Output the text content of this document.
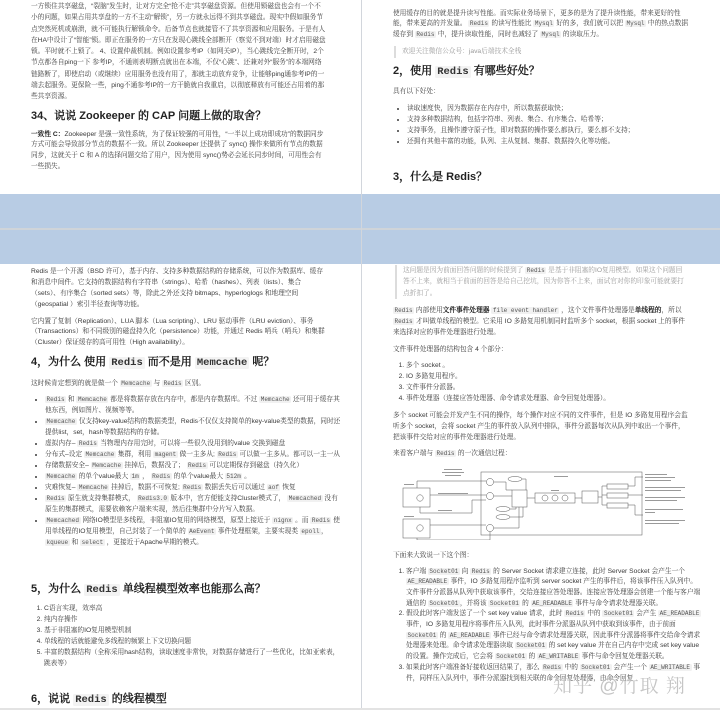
一方锁住共享磁盘，“裂脑”发生时，让对方完全“抢不走”共享磁盘资源。但使用锁磁盘也会有一个不小的问题，如果占用共享盘的一方不主动“解锁”，另一方就永远得不到共享磁盘。现实中假如服务节点突然死机或崩溃，就不可能执行解锁命令。后备节点也就接管不了共享资源和应用服务。于是有人在HA中设计了“智能”锁。即正在服务的一方只在发现心跳线全部断开（察觉不到对端）时才启用磁盘锁。平时就不上锁了。 4、设置仲裁机制。例如设置参考IP（如网关IP），当心跳线完全断开时，2个节点都各自ping一下 参考IP，不通则表明断点就出在本端，不仅“心跳”、还兼对外“服务”的本端网络链路断了，即使启动（或继续）应用服务也没有用了，那就主动放弃竞争，让能够ping通参考IP的一端去起服务。更保险一些，ping不通参考IP的一方干脆就自我重启，以彻底释放有可能还占用着的那些共享资源。

34、说说 Zookeeper 的 CAP 问题上做的取舍？

一致性 C：Zookeeper 是强一致性系统，为了保证较强的可用性，“一半以上成功即成功”的数据同步方式可能会导致部分节点的数据不一致。所以 Zookeeper 还提供了 sync() 操作来做所有节点的数据同步，这就关于 C 和 A 的选择问题交给了用户，因为使用 sync()势必会延长同步时间，可用性会有一些损失。

使用缓存的目的就是提升读写性能。而实际业务场景下，更多的是为了提升读性能，带来更好的性能，带来更高的并发量。 Redis 的读写性能比 Mysql 好的多，我们就可以把 Mysql 中的热点数据缓存到 Redis 中，提升读取性能，同时也减轻了 Mysql 的读取压力。

欢迎关注微信公众号：java后端技术全栈
2，使用 Redis 有哪些好处？

具有以下好处：

• 读取速度快，因为数据存在内存中，所以数据获取快；
• 支持多种数据结构，包括字符串、列表、集合、有序集合、哈希等；
• 支持事务，且操作遵守原子性，即对数据的操作要么都执行，要么都不支持；
• 还拥有其他丰富的功能，队列、主从复制、集群、数据持久化等功能。
3，什么是 Redis？

Redis 是一个开源（BSD 许可），基于内存、支持多种数据结构的存储系统，可以作为数据库、缓存和消息中间件。它支持的数据结构有字符串（strings）、哈希（hashes）、列表（lists）、集合（sets）、有序集合（sorted sets）等，除此之外还支持 bitmaps、hyperloglogs 和地理空间（geospatial ）索引半径查询等功能。

它内置了复制（Replication）、LUA 脚本（Lua scripting）、LRU 驱动事件（LRU eviction）、事务（Transactions）和不同级别的磁盘持久化（persistence）功能，并通过 Redis 哨兵（哨兵）和集群（Cluster）保证缓存的高可用性（High availability）。

4，为什么 使用 Redis 而不是用 Memcache 呢？

这时候肯定想到的就是做一个 Memcache 与 Redis 区别。

• Redis 和 Memcache 都是将数据存放在内存中，都是内存数据库。不过 Memcache 还可用于缓存其他东西，例如图片、视频等等。
• Memcache 仅支持key-value结构的数据类型，Redis不仅仅支持简单的key-value类型的数据，同时还提供list，set，hash等数据结构的存储。
• 虚拟内存– Redis 当物理内存用完时，可以将一些很久没用到的value 交换到磁盘
• 分布式–设定 Memcache 集群，利用 magent 做一主多从; Redis 可以做一主多从。都可以一主一从
• 存储数据安全– Memcache 挂掉后，数据没了； Redis 可以定期保存到磁盘（持久化）
• Memcache 的单个value最大 1m ， Redis 的单个value最大 512m 。
• 灾难恢复– Memcache 挂掉后，数据不可恢复; Redis 数据丢失后可以通过 aof 恢复
• Redis 原生就支持集群模式， Redis3.0 版本中，官方便能支持Cluster模式了， Memcached 没有原生的集群模式，需要依赖客户端来实现，然后往集群中分片写入数据。
• Memcached 网络IO模型是多线程，非阻塞IO复用的网络模型，原型上接近于 nignx 。而 Redis 使用单线程的IO复用模型，自己封装了一个简单的 AeEvent 事件处理框架，主要实现类 epoll ，kqueue 和 select ，更接近于Apache早期的模式。
5，为什么 Redis 单线程模型效率也能那么高？
1. C语言实现，效率高
2. 纯内存操作
3. 基于非阻塞的IO复用模型机制
4. 单线程的话就能避免多线程的频繁上下文切换问题
5. 丰富的数据结构（全称采用hash结构，读取速度非常快，对数据存储进行了一些优化，比如亚索表，跳表等）
6，说说 Redis 的线程模型
这问题是因为前面回答问题的时候提到了 Redis 是基于非阻塞的IO复用模型。如果这个问题回答不上来，就相当于前面的回答是给自己挖坑，因为你答不上来，面试官对你的印象可能就要打点折扣了。

Redis 内部使用文件事件处理器 file event handler ，这个文件事件处理器是单线程的，所以 Redis 才叫做单线程的模型。它采用 IO 多路复用机制同时监听多个 socket，根据 socket 上的事件来选择对应的事件处理器进行处理。

文件事件处理器的结构包含 4 个部分：

1. 多个 socket 。
2. IO 多路复用程序。
3. 文件事件分派器。
4. 事件处理器（连接应答处理器、命令请求处理器、命令回复处理器）。

多个 socket 可能会并发产生不同的操作，每个操作对应不同的文件事件，但是 IO 多路复用程序会监听多个 socket，会将 socket 产生的事件放入队列中排队，事件分派器每次从队列中取出一个事件，把该事件交给对应的事件处理器进行处理。

来看客户端与 Redis 的一次通信过程：

下面来大致说一下这个图：

1. 客户端 Socket01 向 Redis 的 Server Socket 请求建立连接，此时 Server Socket 会产生一个 AE_READABLE 事件，IO 多路复用程序监听到 server socket 产生的事件后，将该事件压入队列中。文件事件分派器从队列中获取该事件，交给连接应答处理器。连接应答处理器会创建一个能与客户端通信的 Socket01 ，并将该 Socket01 的 AE_READABLE 事件与命令请求处理器关联。
2. 假设此时客户端发送了一个 set key value 请求，此时 Redis 中的 Socket01 会产生 AE_READABLE 事件，IO 多路复用程序将事件压入队列，此时事件分派器从队列中获取到该事件，由于前面 Socket01 的 AE_READABLE 事件已经与命令请求处理器关联，因此事件分派器将事件交给命令请求处理器来处理。命令请求处理器读取 Socket01 的 set key value 并在自己内存中完成 set key value 的设置。操作完成后，它会将 Socket01 的 AE_WRITABLE 事件与命令回复处理器关联。
3. 如果此时客户端准备好接收返回结果了，那么 Redis 中的 Socket01 会产生一个 AE_WRITABLE 事件，同样压入队列中，事件分派器找到相关联的命令回复处理器，由命令回复
知乎 @竹取 翔
